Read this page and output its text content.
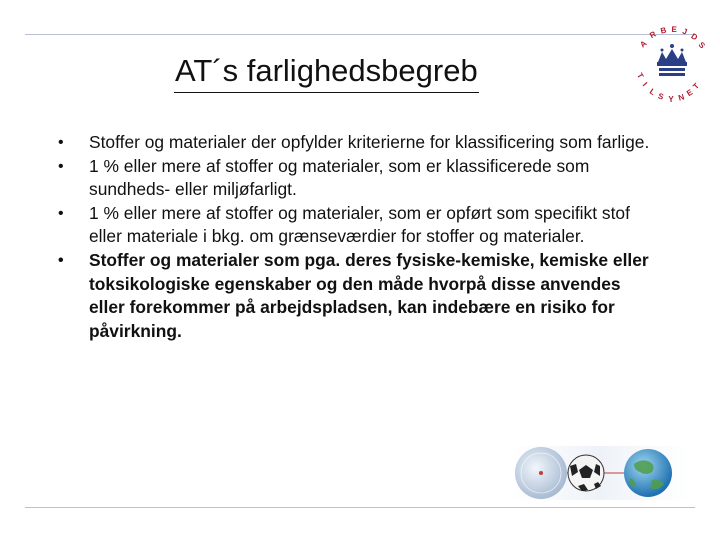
AT´s farlighedsbegreb
A
R B E J D
S
T
I
L S Y N E
T
• Stoffer og materialer der opfylder kriterierne for klassificering som farlige.
• 1 % eller mere af stoffer og materialer, som er klassificerede som sundheds- eller miljøfarligt.
• 1 % eller mere af stoffer og materialer, som er opført som specifikt stof eller materiale i bkg. om grænseværdier for stoffer og materialer.
• Stoffer og materialer som pga. deres fysiske-kemiske, kemiske eller toksikologiske egenskaber og den måde hvorpå disse anvendes eller forekommer på arbejdspladsen, kan indebære en risiko for påvirkning.
